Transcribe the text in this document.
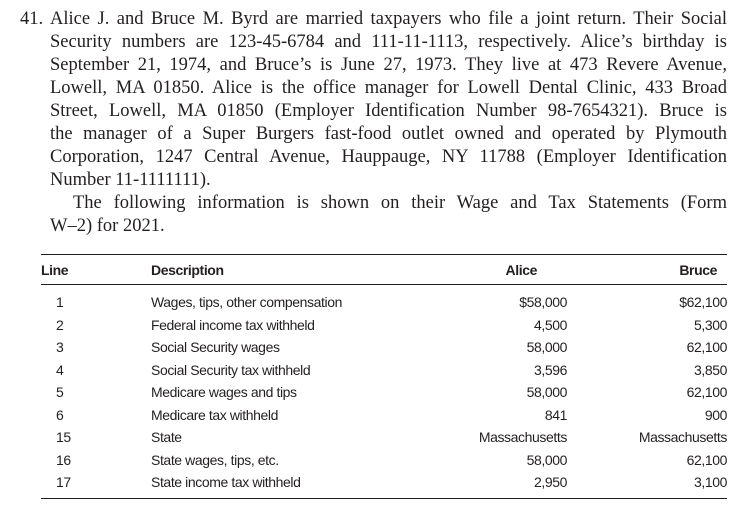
41. Alice J. and Bruce M. Byrd are married taxpayers who file a joint return. Their Social
Security numbers are 123-45-6784 and 111-11-1113, respectively. Alice’s birthday is
September 21, 1974, and Bruce’s is June 27, 1973. They live at 473 Revere Avenue,
Lowell, MA 01850. Alice is the office manager for Lowell Dental Clinic, 433 Broad
Street, Lowell, MA 01850 (Employer Identification Number 98-7654321). Bruce is
the manager of a Super Burgers fast-food outlet owned and operated by Plymouth
Corporation, 1247 Central Avenue, Hauppauge, NY 11788 (Employer Identification
Number 11-1111111).
The following information is shown on their Wage and Tax Statements (Form
W–2) for 2021.
Line	Description	Alice	Bruce
1	Wages, tips, other compensation	$58,000	$62,100
2	Federal income tax withheld	4,500	5,300
3	Social Security wages	58,000	62,100
4	Social Security tax withheld	3,596	3,850
5	Medicare wages and tips	58,000	62,100
6	Medicare tax withheld	841	900
15	State	Massachusetts	Massachusetts
16	State wages, tips, etc.	58,000	62,100
17	State income tax withheld	2,950	3,100
